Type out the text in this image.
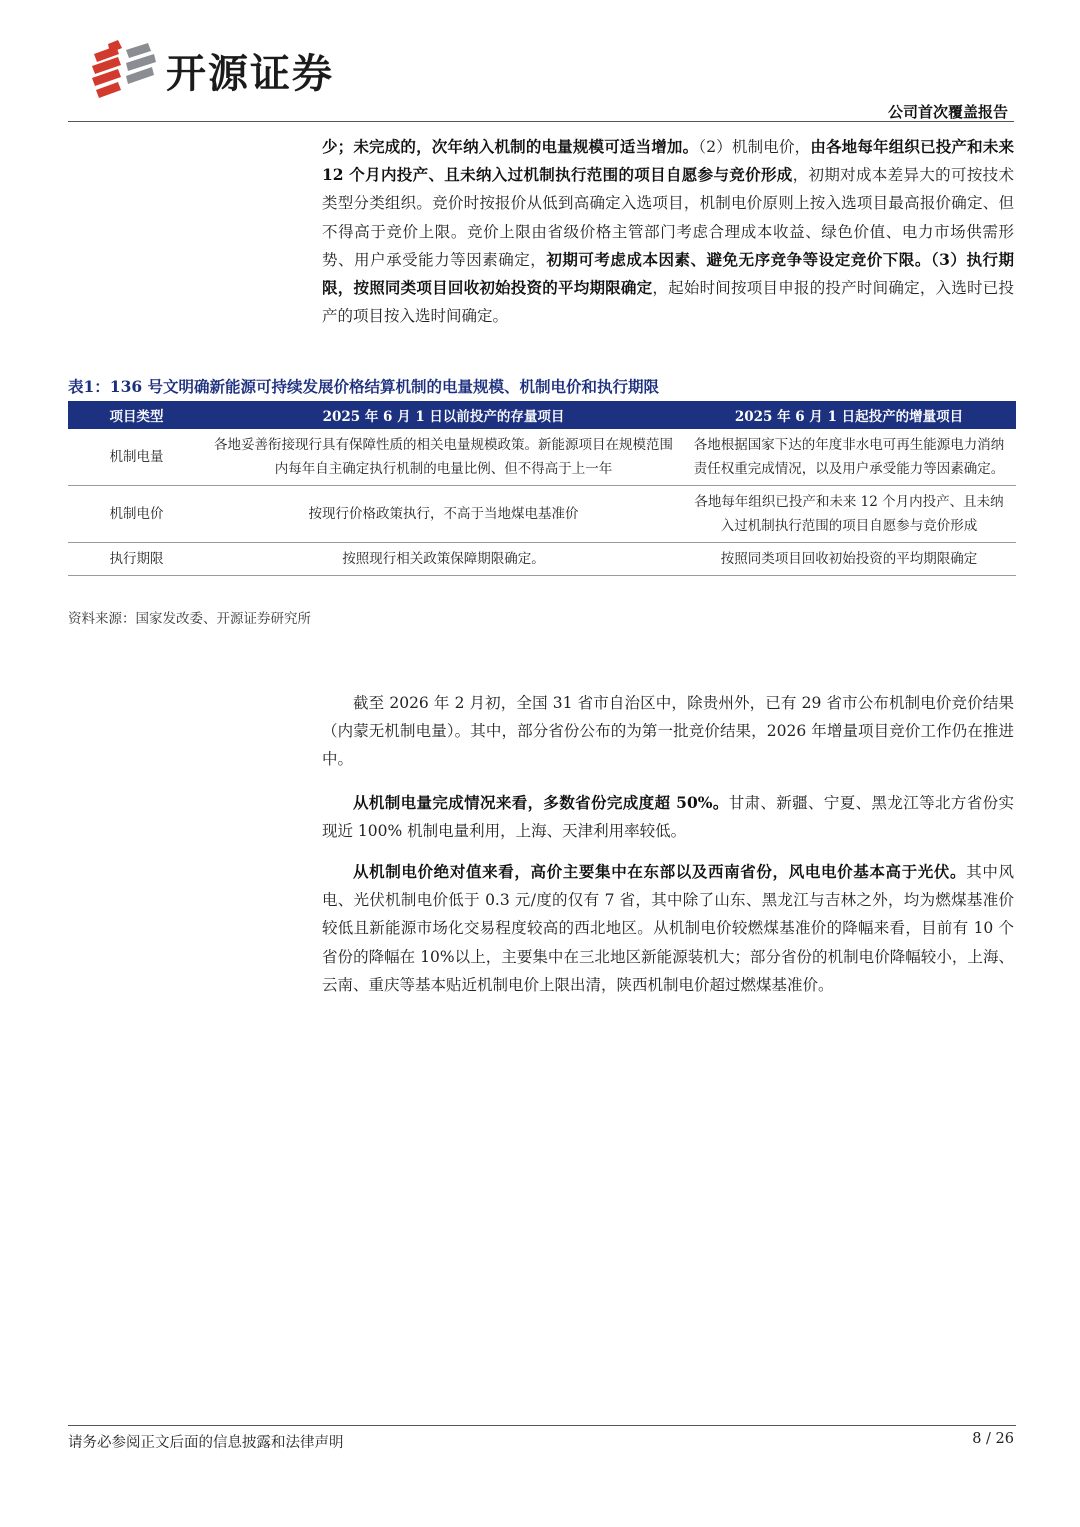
开源证券
公司首次覆盖报告

少；未完成的，次年纳入机制的电量规模可适当增加。（2）机制电价，由各地每年组织已投产和未来 12 个月内投产、且未纳入过机制执行范围的项目自愿参与竞价形成，初期对成本差异大的可按技术类型分类组织。竞价时按报价从低到高确定入选项目，机制电价原则上按入选项目最高报价确定、但不得高于竞价上限。竞价上限由省级价格主管部门考虑合理成本收益、绿色价值、电力市场供需形势、用户承受能力等因素确定，初期可考虑成本因素、避免无序竞争等设定竞价下限。（3）执行期限，按照同类项目回收初始投资的平均期限确定，起始时间按项目申报的投产时间确定，入选时已投产的项目按入选时间确定。

表1：136 号文明确新能源可持续发展价格结算机制的电量规模、机制电价和执行期限
项目类型	2025 年 6 月 1 日以前投产的存量项目	2025 年 6 月 1 日起投产的增量项目
机制电量	各地妥善衔接现行具有保障性质的相关电量规模政策。新能源项目在规模范围内每年自主确定执行机制的电量比例、但不得高于上一年	各地根据国家下达的年度非水电可再生能源电力消纳责任权重完成情况，以及用户承受能力等因素确定。
机制电价	按现行价格政策执行，不高于当地煤电基准价	各地每年组织已投产和未来 12 个月内投产、且未纳入过机制执行范围的项目自愿参与竞价形成
执行期限	按照现行相关政策保障期限确定。	按照同类项目回收初始投资的平均期限确定
资料来源：国家发改委、开源证券研究所

截至 2026 年 2 月初，全国 31 省市自治区中，除贵州外，已有 29 省市公布机制电价竞价结果（内蒙无机制电量）。其中，部分省份公布的为第一批竞价结果，2026 年增量项目竞价工作仍在推进中。

从机制电量完成情况来看，多数省份完成度超 50%。甘肃、新疆、宁夏、黑龙江等北方省份实现近 100% 机制电量利用，上海、天津利用率较低。

从机制电价绝对值来看，高价主要集中在东部以及西南省份，风电电价基本高于光伏。其中风电、光伏机制电价低于 0.3 元/度的仅有 7 省，其中除了山东、黑龙江与吉林之外，均为燃煤基准价较低且新能源市场化交易程度较高的西北地区。从机制电价较燃煤基准价的降幅来看，目前有 10 个省份的降幅在 10%以上，主要集中在三北地区新能源装机大；部分省份的机制电价降幅较小，上海、云南、重庆等基本贴近机制电价上限出清，陕西机制电价超过燃煤基准价。

请务必参阅正文后面的信息披露和法律声明	8 / 26
